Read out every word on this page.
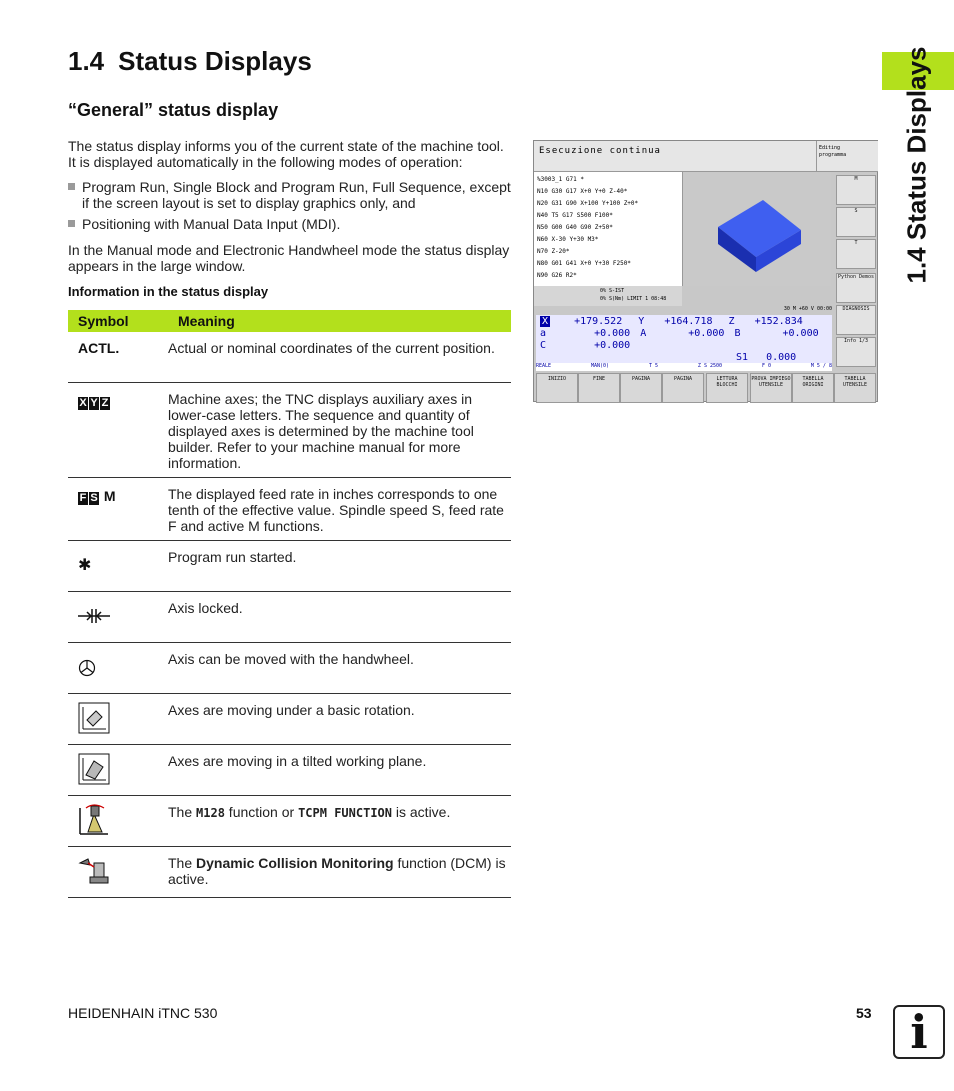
1.4 Status Displays	1.4 Status Displays
“General” status display
The status display informs you of the current state of the machine tool. It is displayed automatically in the following modes of operation:
Program Run, Single Block and Program Run, Full Sequence, except if the screen layout is set to display graphics only, and
Positioning with Manual Data Input (MDI).
In the Manual mode and Electronic Handwheel mode the status display appears in the large window.
Information in the status display
Symbol	Meaning
ACTL.	Actual or nominal coordinates of the current position.
X Y Z	Machine axes; the TNC displays auxiliary axes in lower-case letters. The sequence and quantity of displayed axes is determined by the machine tool builder. Refer to your machine manual for more information.
F S M	The displayed feed rate in inches corresponds to one tenth of the effective value. Spindle speed S, feed rate F and active M functions.
✱	Program run started.
Axis locked.
Axis can be moved with the handwheel.
Axes are moving under a basic rotation.
Axes are moving in a tilted working plane.
The M128 function or TCPM FUNCTION is active.
The Dynamic Collision Monitoring function (DCM) is active.
Esecuzione continua	Editing programma
%3003_1 G71 *
N10 G30 G17 X+0 Y+0 Z-40*
N20 G31 G90 X+100 Y+100 Z+0*
N40 T5 G17 S500 F100*
N50 G00 G40 G90 Z+50*
N60 X-30 Y+30 M3*
N70 Z-20*
N80 G01 G41 X+0 Y+30 F250*
N90 G26 R2*
0% S-IST
0% S(Nm) LIMIT 1 08:48
30 M +60 V 00:00
X	+179.522 Y +164.718 Z +152.834
a	+0.000 A	+0.000 B	+0.000
C	+0.000
S1 0.000
REALE	MAN(0)	T 5	Z S 2500	F 0	M 5 / 8
M
S
T
Python Demos
DIAGNOSIS
Info 1/3
INIZIO	FINE	PAGINA	PAGINA	LETTURA BLOCCHI
PROVA IMPIEGO UTENSILE
TABELLA ORIGINI
TABELLA UTENSILE
HEIDENHAIN iTNC 530	53 i
